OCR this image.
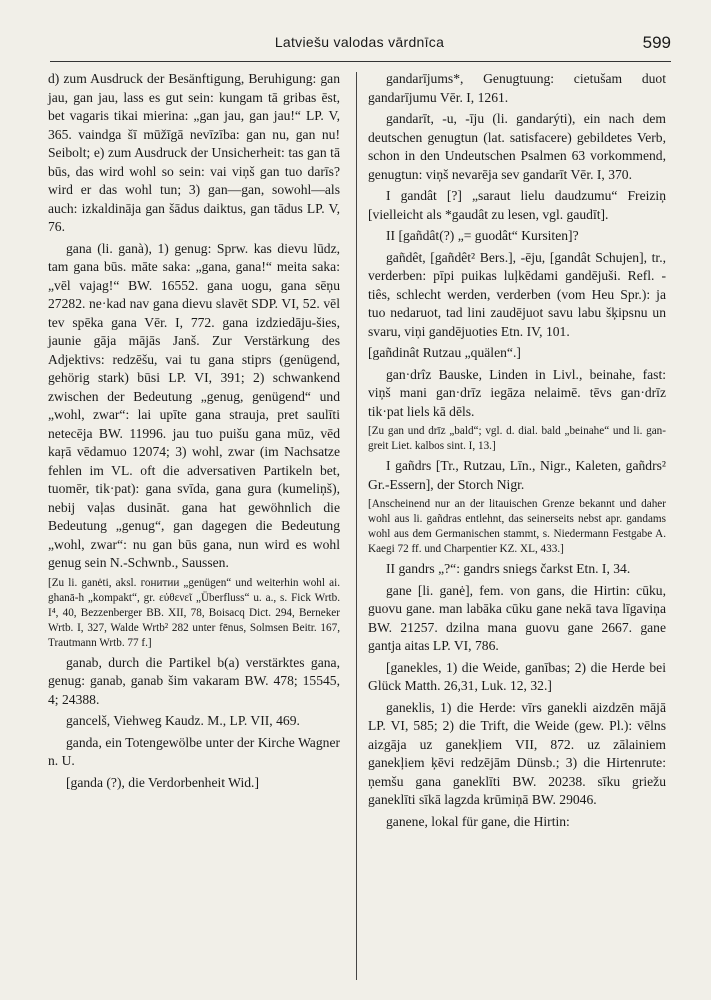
Latviešu valodas vārdnīca	599

d) zum Ausdruck der Besänftigung, Beruhigung: gan jau, gan jau, lass es gut sein: kungam tā gribas ēst, bet vagaris tikai mierina: „gan jau, gan jau!“ LP. V, 365. vaindga šī mūžīgā nevīzība: gan nu, gan nu! Seibolt; e) zum Ausdruck der Unsicherheit: tas gan tā būs, das wird wohl so sein: vai viņš gan tuo darīs? wird er das wohl tun; 3) gan—gan, sowohl—als auch: izkaldināja gan šādus daiktus, gan tādus LP. V, 76.

gana (li. ganà), 1) genug: Sprw. kas dievu lūdz, tam gana būs. māte saka: „gana, gana!“ meita saka: „vēl vajag!“ BW. 16552. gana uogu, gana sēņu 27282. ne·kad nav gana dievu slavēt SDP. VI, 52. vēl tev spēka gana Vēr. I, 772. gana izdziedāju-šies, jaunie gāja mājās Janš. Zur Verstärkung des Adjektivs: redzēšu, vai tu gana stiprs (genügend, gehörig stark) būsi LP. VI, 391; 2) schwankend zwischen der Bedeutung „genug, genügend“ und „wohl, zwar“: lai upīte gana strauja, pret saulīti netecēja BW. 11996. jau tuo puišu gana mūz, vēd kaŗā vēdamuo 12074; 3) wohl, zwar (im Nachsatze fehlen im VL. oft die adversativen Partikeln bet, tuomēr, tik·pat): gana svīda, gana gura (kumeliņš), nebij vaļas dusināt. gana hat gewöhnlich die Bedeutung „genug“, gan dagegen die Bedeutung „wohl, zwar“: nu gan būs gana, nun wird es wohl genug sein N.-Schwnb., Saussen.

[Zu li. ganėti, aksl. гонитии „genügen“ und weiterhin wohl ai. ghanā-h „kompakt“, gr. εὐθενεῖ „Überfluss“ u. a., s. Fick Wrtb. I⁴, 40, Bezzenberger BB. XII, 78, Boisacq Dict. 294, Berneker Wrtb. I, 327, Walde Wrtb² 282 unter fēnus, Solmsen Beitr. 167, Trautmann Wrtb. 77 f.]

ganab, durch die Partikel b(a) verstärktes gana, genug: ganab, ganab šim vakaram BW. 478; 15545, 4; 24388.

gancelš, Viehweg Kaudz. M., LP. VII, 469.

ganda, ein Totengewölbe unter der Kirche Wagner n. U.

[ganda (?), die Verdorbenheit Wid.]

gandarījums*, Genugtuung: cietušam duot gandarījumu Vēr. I, 1261.

gandarīt, -u, -īju (li. gandarýti), ein nach dem deutschen genugtun (lat. satisfacere) gebildetes Verb, schon in den Undeutschen Psalmen 63 vorkommend, genugtun: viņš nevarēja sev gandarīt Vēr. I, 370.

I gandât [?] „saraut lielu daudzumu“ Freiziņ [vielleicht als *gaudât zu lesen, vgl. gaudīt].

II [gañdât(?) „= guodât“ Kursiten]?

gañdêt, [gañdêt² Bers.], -ēju, [gandât Schujen], tr., verderben: pīpi puikas luļkēdami gandējuši. Refl. -tiês, schlecht werden, verderben (vom Heu Spr.): ja tuo nedaruot, tad lini zaudējuot savu labu šķipsnu un svaru, viņi gandējuoties Etn. IV, 101.

[gañdinât Rutzau „quälen“.]

gan·drîz Bauske, Linden in Livl., beinahe, fast: viņš mani gan·drīz iegāza nelaimē. tēvs gan·drīz tik·pat liels kā dēls.

[Zu gan und drīz „bald“; vgl. d. dial. bald „beinahe“ und li. gan-greit Liet. kalbos sint. I, 13.]

I gañdrs [Tr., Rutzau, Līn., Nigr., Kaleten, gañdrs² Gr.-Essern], der Storch Nigr.

[Anscheinend nur an der litauischen Grenze bekannt und daher wohl aus li. gañdras entlehnt, das seinerseits nebst apr. gandams wohl aus dem Germanischen stammt, s. Niedermann Festgabe A. Kaegi 72 ff. und Charpentier KZ. XL, 433.]

II gandrs „?“: gandrs sniegs čarkst Etn. I, 34.

gane [li. ganė], fem. von gans, die Hirtin: cūku, guovu gane. man labāka cūku gane nekā tava līgaviņa BW. 21257. dzilna mana guovu gane 2667. gane gantja aitas LP. VI, 786.

[ganekles, 1) die Weide, ganības; 2) die Herde bei Glück Matth. 26,31, Luk. 12, 32.]

ganeklis, 1) die Herde: vīrs ganekli aizdzēn mājā LP. VI, 585; 2) die Trift, die Weide (gew. Pl.): vēlns aizgāja uz ganekļiem VII, 872. uz zālainiem ganekļiem ķēvi redzējām Dünsb.; 3) die Hirtenrute: ņemšu gana ganeklīti BW. 20238. sīku griežu ganeklīti sīkā lagzda krūmiņā BW. 29046.

ganene, lokal für gane, die Hirtin:
